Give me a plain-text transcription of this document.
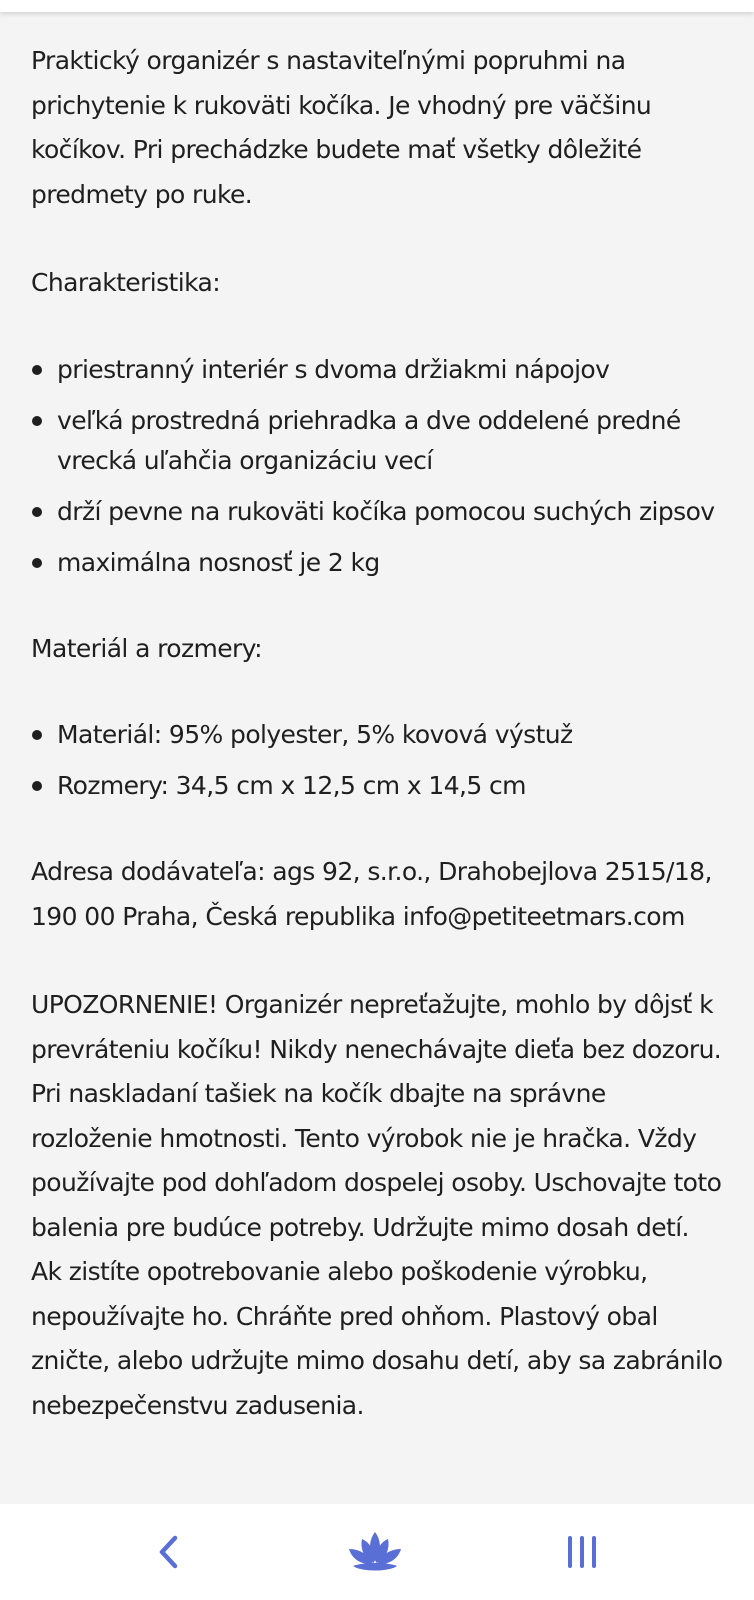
Praktický organizér s nastaviteľnými popruhmi na prichytenie k rukoväti kočíka. Je vhodný pre väčšinu kočíkov. Pri prechádzke budete mať všetky dôležité predmety po ruke.

Charakteristika:

priestranný interiér s dvoma držiakmi nápojov
veľká prostredná priehradka a dve oddelené predné vrecká uľahčia organizáciu vecí
drží pevne na rukoväti kočíka pomocou suchých zipsov
maximálna nosnosť je 2 kg

Materiál a rozmery:

Materiál: 95% polyester, 5% kovová výstuž
Rozmery: 34,5 cm x 12,5 cm x 14,5 cm

Adresa dodávateľa: ags 92, s.r.o., Drahobejlova 2515/18, 190 00 Praha, Česká republika info@petiteetmars.com

UPOZORNENIE! Organizér nepreťažujte, mohlo by dôjsť k prevráteniu kočíku! Nikdy nenechávajte dieťa bez dozoru. Pri naskladaní tašiek na kočík dbajte na správne rozloženie hmotnosti. Tento výrobok nie je hračka. Vždy používajte pod dohľadom dospelej osoby. Uschovajte toto balenia pre budúce potreby. Udržujte mimo dosah detí. Ak zistíte opotrebovanie alebo poškodenie výrobku, nepoužívajte ho. Chráňte pred ohňom. Plastový obal zničte, alebo udržujte mimo dosahu detí, aby sa zabránilo nebezpečenstvu zadusenia.
